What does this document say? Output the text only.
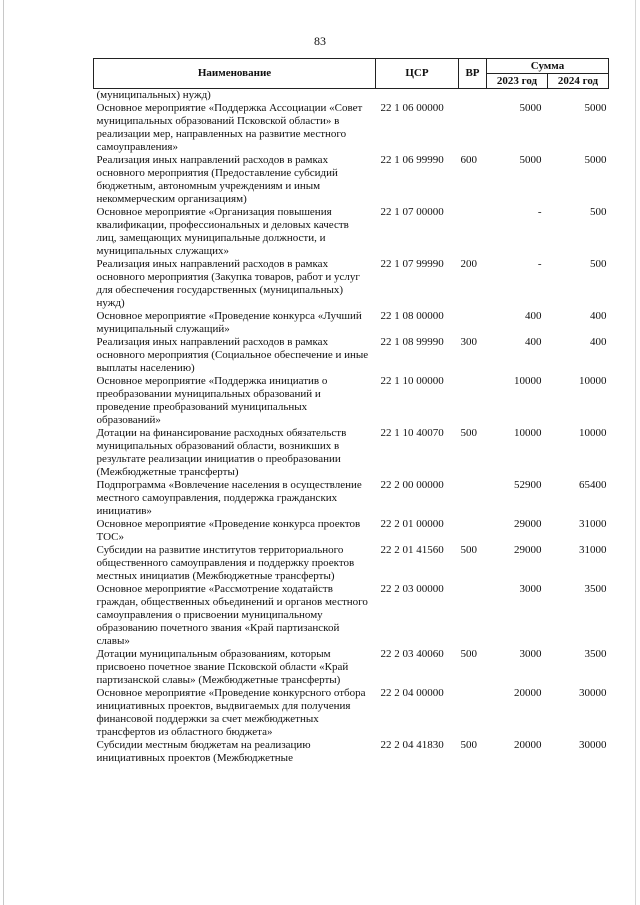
83
Наименование	ЦСР	ВР	Сумма	
			2023 год	2024 год
(муниципальных) нужд)				
Основное мероприятие «Поддержка Ассоциации «Совет муниципальных образований Псковской области» в реализации мер, направленных на развитие местного самоуправления»	22 1 06 00000		5000	5000
Реализация иных направлений расходов в рамках основного мероприятия (Предоставление субсидий бюджетным, автономным учреждениям и иным некоммерческим организациям)	22 1 06 99990	600	5000	5000
Основное мероприятие «Организация повышения квалификации, профессиональных и деловых качеств лиц, замещающих муниципальные должности, и муниципальных служащих»	22 1 07 00000		-	500
Реализация иных направлений расходов в рамках основного мероприятия (Закупка товаров, работ и услуг для обеспечения государственных (муниципальных) нужд)	22 1 07 99990	200	-	500
Основное мероприятие «Проведение конкурса «Лучший муниципальный служащий»	22 1 08 00000		400	400
Реализация иных направлений расходов в рамках основного мероприятия (Социальное обеспечение и иные выплаты населению)	22 1 08 99990	300	400	400
Основное мероприятие «Поддержка инициатив о преобразовании муниципальных образований и проведение преобразований муниципальных образований»	22 1 10 00000		10000	10000
Дотации на финансирование расходных обязательств муниципальных образований области, возникших в результате реализации инициатив о преобразовании (Межбюджетные трансферты)	22 1 10 40070	500	10000	10000
Подпрограмма «Вовлечение населения в осуществление местного самоуправления, поддержка гражданских инициатив»	22 2 00 00000		52900	65400
Основное мероприятие «Проведение конкурса проектов ТОС»	22 2 01 00000		29000	31000
Субсидии на развитие институтов территориального общественного самоуправления и поддержку проектов местных инициатив (Межбюджетные трансферты)	22 2 01 41560	500	29000	31000
Основное мероприятие «Рассмотрение ходатайств граждан, общественных объединений и органов местного самоуправления о присвоении муниципальному образованию почетного звания «Край партизанской славы»	22 2 03 00000		3000	3500
Дотации муниципальным образованиям, которым присвоено почетное звание Псковской области «Край партизанской славы» (Межбюджетные трансферты)	22 2 03 40060	500	3000	3500
Основное мероприятие «Проведение конкурсного отбора инициативных проектов, выдвигаемых для получения финансовой поддержки за счет межбюджетных трансфертов из областного бюджета»	22 2 04 00000		20000	30000
Субсидии местным бюджетам на реализацию инициативных проектов (Межбюджетные	22 2 04 41830	500	20000	30000
